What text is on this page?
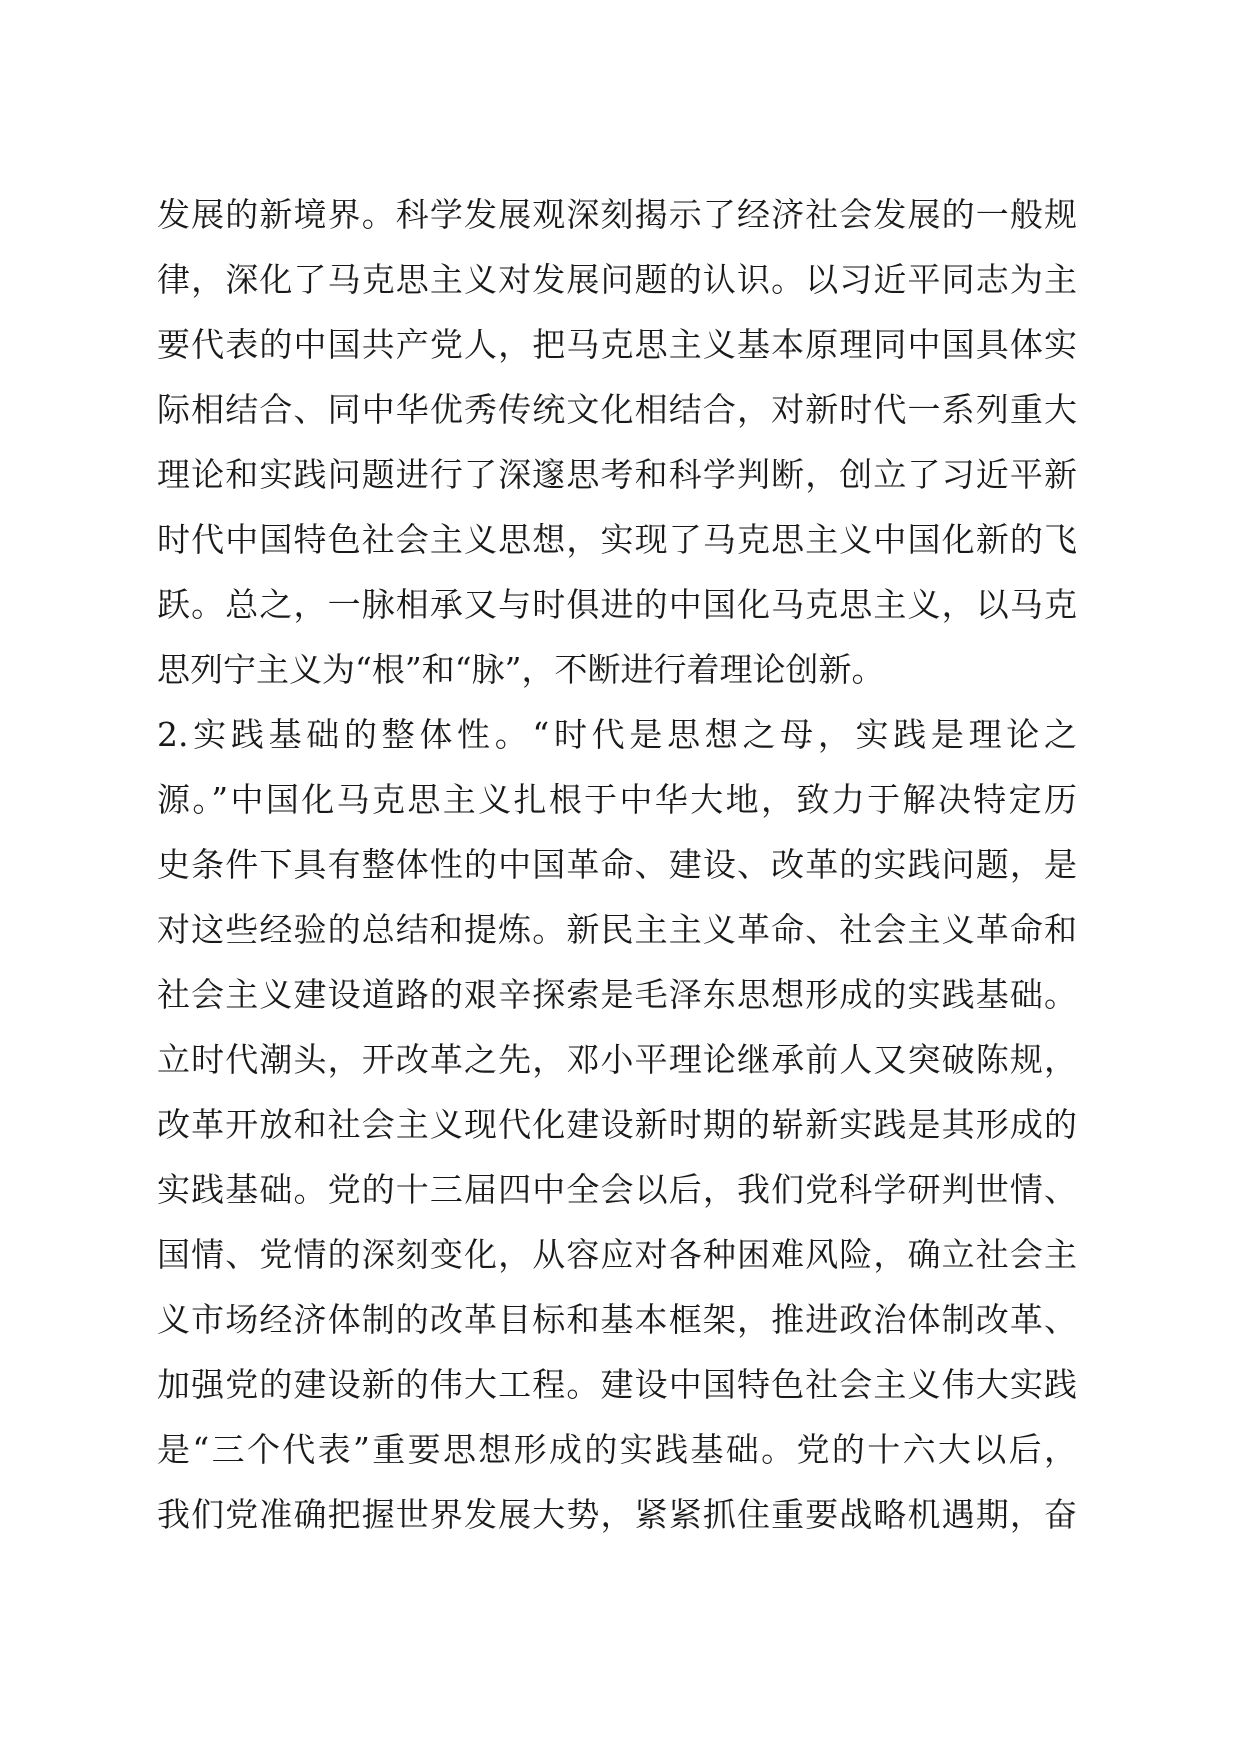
发展的新境界。科学发展观深刻揭示了经济社会发展的一般规
律，深化了马克思主义对发展问题的认识。以习近平同志为主
要代表的中国共产党人，把马克思主义基本原理同中国具体实
际相结合、同中华优秀传统文化相结合，对新时代一系列重大
理论和实践问题进行了深邃思考和科学判断，创立了习近平新
时代中国特色社会主义思想，实现了马克思主义中国化新的飞
跃。总之，一脉相承又与时俱进的中国化马克思主义，以马克
思列宁主义为“根”和“脉”，不断进行着理论创新。
2.实践基础的整体性。“时代是思想之母，实践是理论之
源。”中国化马克思主义扎根于中华大地，致力于解决特定历
史条件下具有整体性的中国革命、建设、改革的实践问题，是
对这些经验的总结和提炼。新民主主义革命、社会主义革命和
社会主义建设道路的艰辛探索是毛泽东思想形成的实践基础。
立时代潮头，开改革之先，邓小平理论继承前人又突破陈规，
改革开放和社会主义现代化建设新时期的崭新实践是其形成的
实践基础。党的十三届四中全会以后，我们党科学研判世情、
国情、党情的深刻变化，从容应对各种困难风险，确立社会主
义市场经济体制的改革目标和基本框架，推进政治体制改革、
加强党的建设新的伟大工程。建设中国特色社会主义伟大实践
是“三个代表”重要思想形成的实践基础。党的十六大以后，
我们党准确把握世界发展大势，紧紧抓住重要战略机遇期，奋
